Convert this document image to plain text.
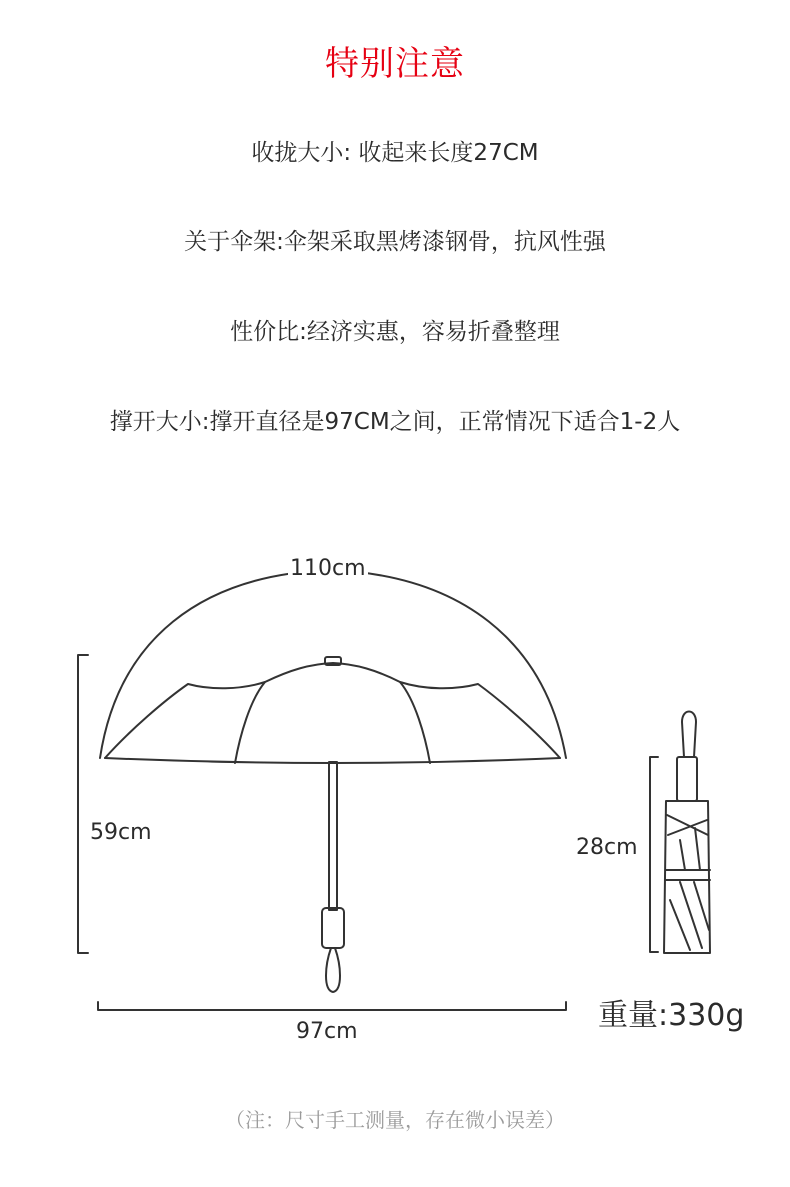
特别注意
收拢大小: 收起来长度27CM
关于伞架:伞架采取黑烤漆钢骨，抗风性强
性价比:经济实惠，容易折叠整理
撑开大小:撑开直径是97CM之间，正常情况下适合1-2人
110cm
59cm
97cm
28cm
重量:330g
（注：尺寸手工测量，存在微小误差）
